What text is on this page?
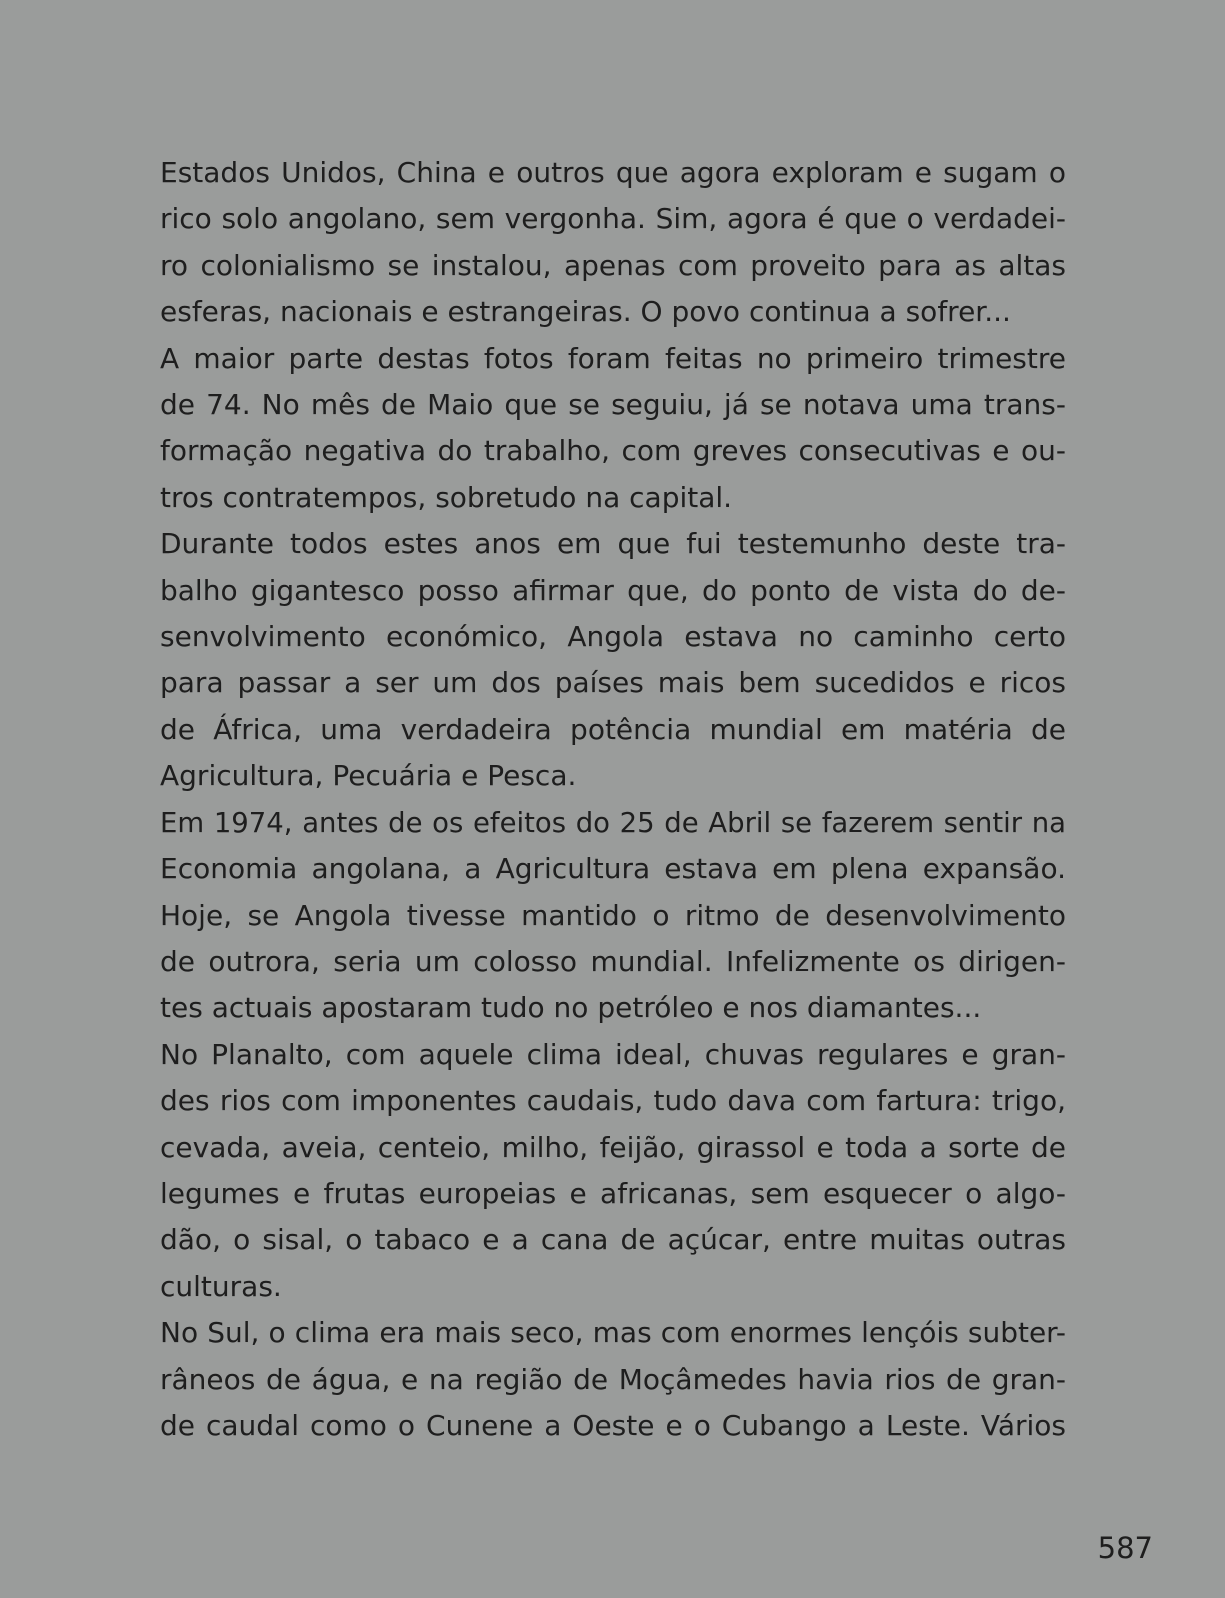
Estados Unidos, China e outros que agora exploram e sugam o
rico solo angolano, sem vergonha. Sim, agora é que o verdadei-
ro colonialismo se instalou, apenas com proveito para as altas
esferas, nacionais e estrangeiras. O povo continua a sofrer...
A maior parte destas fotos foram feitas no primeiro trimestre
de 74. No mês de Maio que se seguiu, já se notava uma trans-
formação negativa do trabalho, com greves consecutivas e ou-
tros contratempos, sobretudo na capital.
Durante todos estes anos em que fui testemunho deste tra-
balho gigantesco posso afirmar que, do ponto de vista do de-
senvolvimento económico, Angola estava no caminho certo
para passar a ser um dos países mais bem sucedidos e ricos
de África, uma verdadeira potência mundial em matéria de
Agricultura, Pecuária e Pesca.
Em 1974, antes de os efeitos do 25 de Abril se fazerem sentir na
Economia angolana, a Agricultura estava em plena expansão.
Hoje, se Angola tivesse mantido o ritmo de desenvolvimento
de outrora, seria um colosso mundial. Infelizmente os dirigen-
tes actuais apostaram tudo no petróleo e nos diamantes...
No Planalto, com aquele clima ideal, chuvas regulares e gran-
des rios com imponentes caudais, tudo dava com fartura: trigo,
cevada, aveia, centeio, milho, feijão, girassol e toda a sorte de
legumes e frutas europeias e africanas, sem esquecer o algo-
dão, o sisal, o tabaco e a cana de açúcar, entre muitas outras
culturas.
No Sul, o clima era mais seco, mas com enormes lençóis subter-
râneos de água, e na região de Moçâmedes havia rios de gran-
de caudal como o Cunene a Oeste e o Cubango a Leste. Vários
587
